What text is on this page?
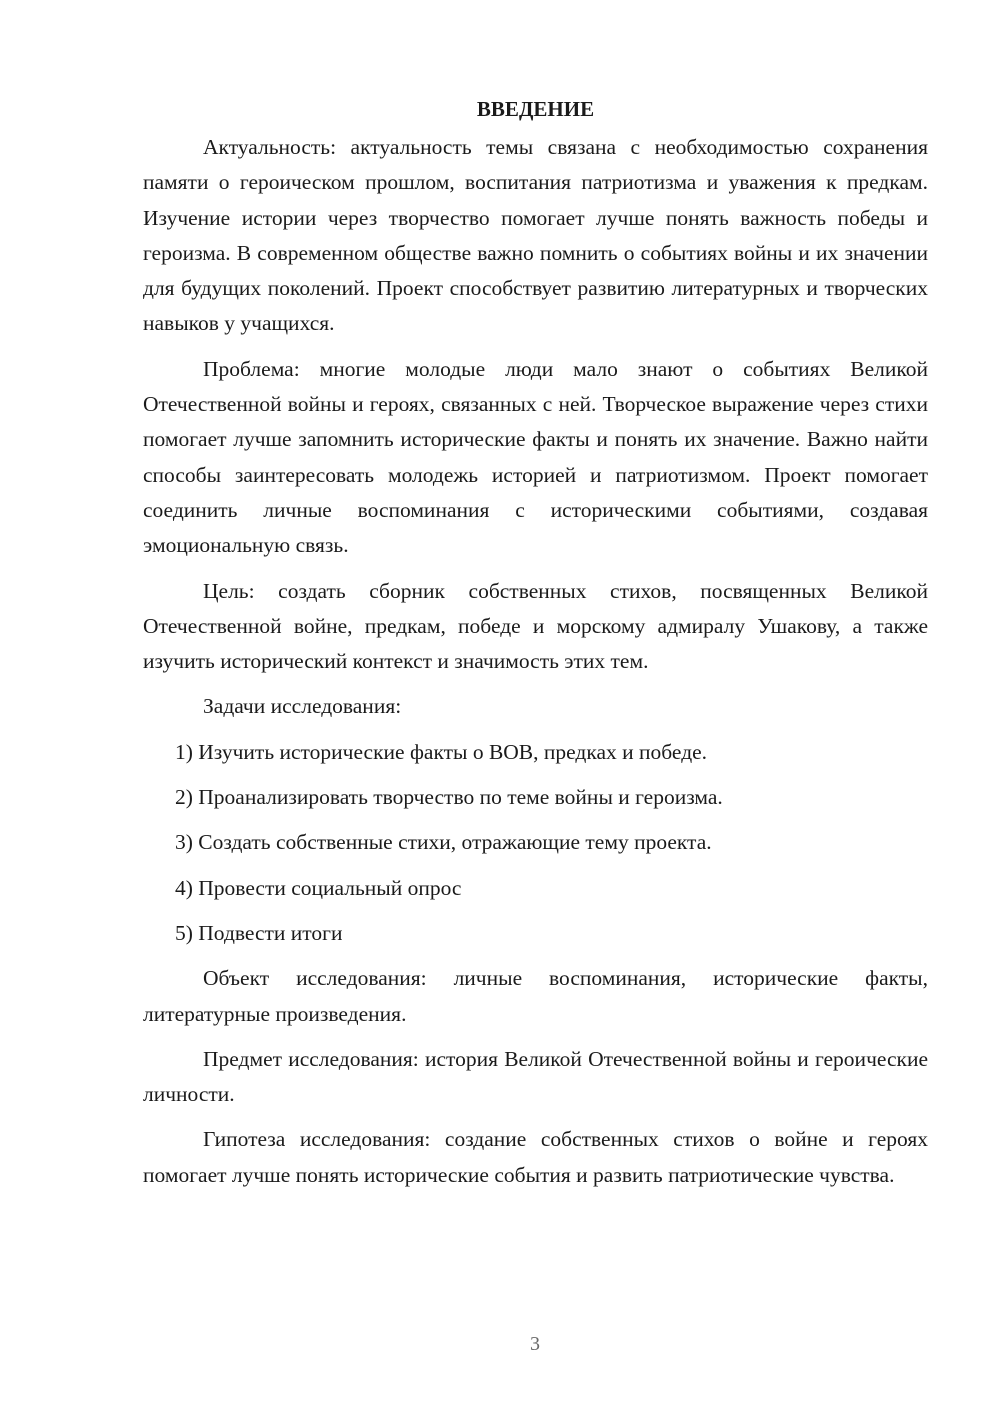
ВВЕДЕНИЕ

Актуальность: актуальность темы связана с необходимостью сохранения памяти о героическом прошлом, воспитания патриотизма и уважения к предкам. Изучение истории через творчество помогает лучше понять важность победы и героизма. В современном обществе важно помнить о событиях войны и их значении для будущих поколений. Проект способствует развитию литературных и творческих навыков у учащихся.

Проблема: многие молодые люди мало знают о событиях Великой Отечественной войны и героях, связанных с ней. Творческое выражение через стихи помогает лучше запомнить исторические факты и понять их значение. Важно найти способы заинтересовать молодежь историей и патриотизмом. Проект помогает соединить личные воспоминания с историческими событиями, создавая эмоциональную связь.

Цель: создать сборник собственных стихов, посвященных Великой Отечественной войне, предкам, победе и морскому адмиралу Ушакову, а также изучить исторический контекст и значимость этих тем.

Задачи исследования:

1) Изучить исторические факты о ВОВ, предках и победе.
2) Проанализировать творчество по теме войны и героизма.
3) Создать собственные стихи, отражающие тему проекта.
4) Провести социальный опрос
5) Подвести итоги

Объект исследования: личные воспоминания, исторические факты, литературные произведения.

Предмет исследования: история Великой Отечественной войны и героические личности.

Гипотеза исследования: создание собственных стихов о войне и героях помогает лучше понять исторические события и развить патриотические чувства.

3
